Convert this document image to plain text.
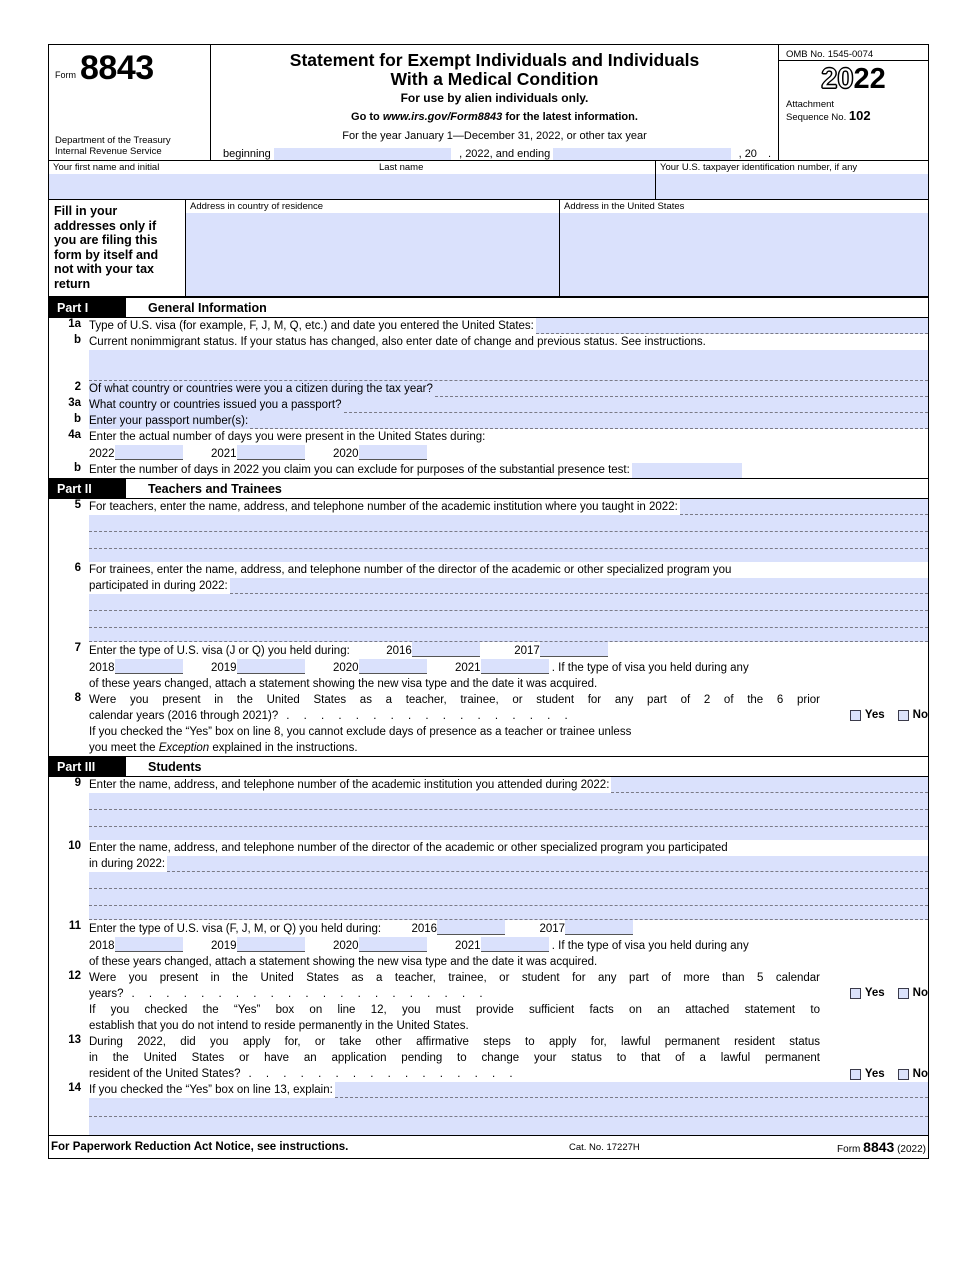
Form 8843
Department of the Treasury
Internal Revenue Service
Statement for Exempt Individuals and Individuals
With a Medical Condition
For use by alien individuals only.
Go to www.irs.gov/Form8843 for the latest information.
For the year January 1—December 31, 2022, or other tax year
beginning
	, 2022, and ending
	, 20	.
OMB No. 1545-0074
2022
Attachment
Sequence No. 102
Your first name and initial	Last name	Your U.S. taxpayer identification number, if any
Fill in your addresses only if you are filing this form by itself and not with your tax return
Address in country of residence	Address in the United States
Part I	General Information
1a Type of U.S. visa (for example, F, J, M, Q, etc.) and date you entered the United States:
b Current nonimmigrant status. If your status has changed, also enter date of change and previous status. See instructions.
2 Of what country or countries were you a citizen during the tax year?
3a What country or countries issued you a passport?
b Enter your passport number(s):
4a Enter the actual number of days you were present in the United States during:
2022	2021	2020
b Enter the number of days in 2022 you claim you can exclude for purposes of the substantial presence test:
Part II	Teachers and Trainees
5 For teachers, enter the name, address, and telephone number of the academic institution where you taught in 2022:
6 For trainees, enter the name, address, and telephone number of the director of the academic or other specialized program you
participated in during 2022:
7 Enter the type of U.S. visa (J or Q) you held during:	2016	2017
2018	2019	2020	2021	. If the type of visa you held during any
of these years changed, attach a statement showing the new visa type and the date it was acquired.
8 Were you present in the United States as a teacher, trainee, or student for any part of 2 of the 6 prior
calendar years (2016 through 2021)? . . . . . . . . . . . . . . . . .
If you checked the “Yes” box on line 8, you cannot exclude days of presence as a teacher or trainee unless
you meet the Exception explained in the instructions.
Yes No
Part III	Students
9 Enter the name, address, and telephone number of the academic institution you attended during 2022:
10 Enter the name, address, and telephone number of the director of the academic or other specialized program you participated
in during 2022:
11 Enter the type of U.S. visa (F, J, M, or Q) you held during:	2016	2017
2018	2019	2020	2021	. If the type of visa you held during any
of these years changed, attach a statement showing the new visa type and the date it was acquired.
12 Were you present in the United States as a teacher, trainee, or student for any part of more than 5 calendar
years? . . . . . . . . . . . . . . . . . . . . .
If you checked the “Yes” box on line 12, you must provide sufficient facts on an attached statement to
establish that you do not intend to reside permanently in the United States.
Yes No
13 During 2022, did you apply for, or take other affirmative steps to apply for, lawful permanent resident status
in the United States or have an application pending to change your status to that of a lawful permanent
resident of the United States? . . . . . . . . . . . . . . . .	Yes No
14 If you checked the “Yes” box on line 13, explain:
For Paperwork Reduction Act Notice, see instructions.	Cat. No. 17227H	Form 8843 (2022)
